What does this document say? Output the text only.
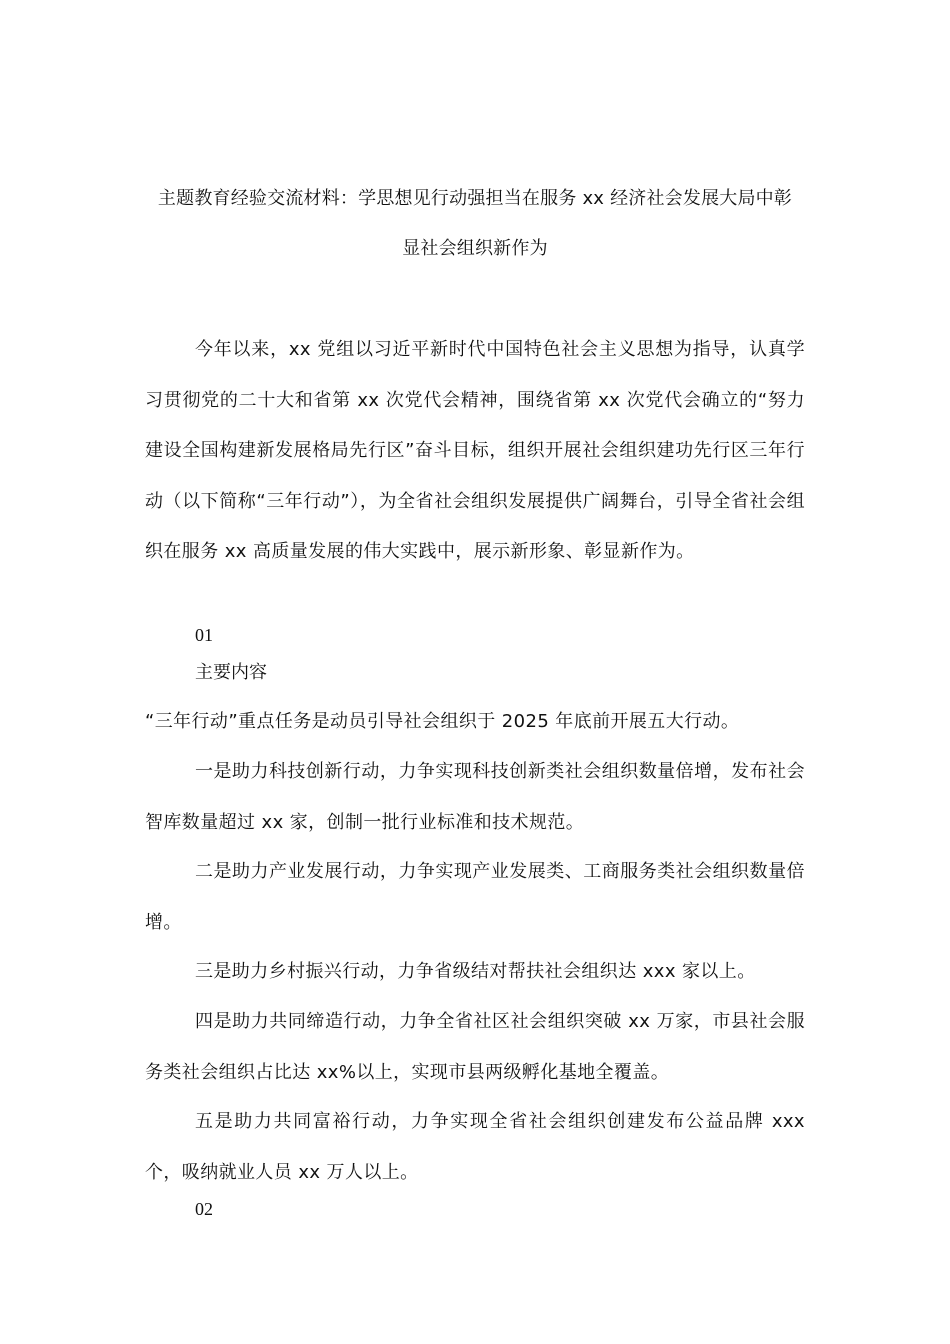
主题教育经验交流材料：学思想见行动强担当在服务 xx 经济社会发展大局中彰
显社会组织新作为

今年以来，xx 党组以习近平新时代中国特色社会主义思想为指导，认真学习贯彻党的二十大和省第 xx 次党代会精神，围绕省第 xx 次党代会确立的“努力建设全国构建新发展格局先行区”奋斗目标，组织开展社会组织建功先行区三年行动（以下简称“三年行动”），为全省社会组织发展提供广阔舞台，引导全省社会组织在服务 xx 高质量发展的伟大实践中，展示新形象、彰显新作为。

01
主要内容

“三年行动”重点任务是动员引导社会组织于 2025 年底前开展五大行动。

一是助力科技创新行动，力争实现科技创新类社会组织数量倍增，发布社会智库数量超过 xx 家，创制一批行业标准和技术规范。

二是助力产业发展行动，力争实现产业发展类、工商服务类社会组织数量倍增。

三是助力乡村振兴行动，力争省级结对帮扶社会组织达 xxx 家以上。

四是助力共同缔造行动，力争全省社区社会组织突破 xx 万家，市县社会服务类社会组织占比达 xx%以上，实现市县两级孵化基地全覆盖。

五是助力共同富裕行动，力争实现全省社会组织创建发布公益品牌 xxx 个，吸纳就业人员 xx 万人以上。

02
